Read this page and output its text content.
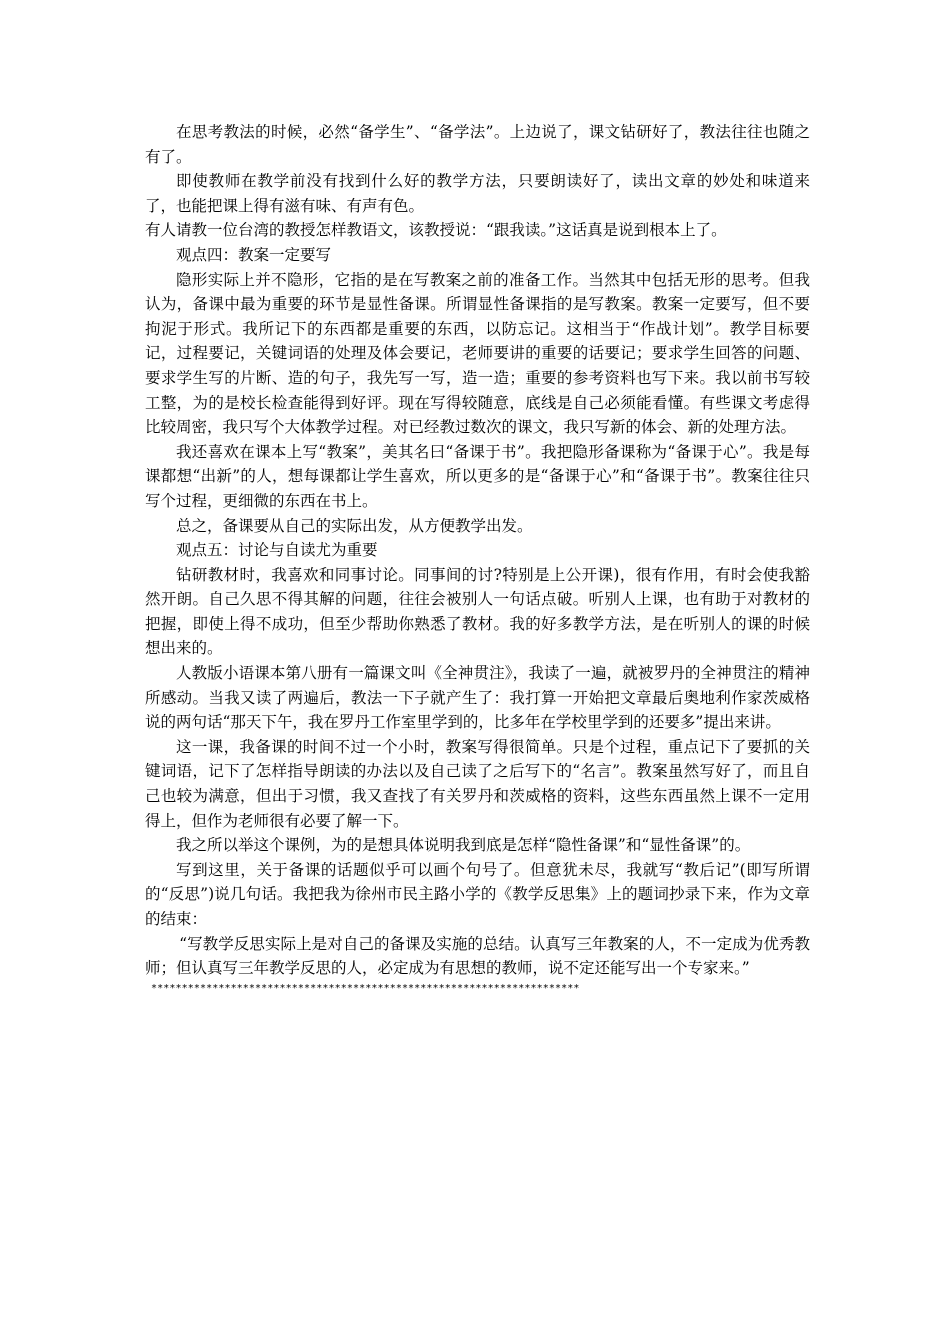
在思考教法的时候，必然“备学生”、“备学法”。上边说了，课文钻研好了，教法往往也随之有了。

即使教师在教学前没有找到什么好的教学方法，只要朗读好了，读出文章的妙处和味道来了，也能把课上得有滋有味、有声有色。

有人请教一位台湾的教授怎样教语文，该教授说：“跟我读。”这话真是说到根本上了。

观点四：教案一定要写

隐形实际上并不隐形，它指的是在写教案之前的准备工作。当然其中包括无形的思考。但我认为，备课中最为重要的环节是显性备课。所谓显性备课指的是写教案。教案一定要写，但不要拘泥于形式。我所记下的东西都是重要的东西，以防忘记。这相当于“作战计划”。教学目标要记，过程要记，关键词语的处理及体会要记，老师要讲的重要的话要记；要求学生回答的问题、要求学生写的片断、造的句子，我先写一写，造一造；重要的参考资料也写下来。我以前书写较工整，为的是校长检查能得到好评。现在写得较随意，底线是自己必须能看懂。有些课文考虑得比较周密，我只写个大体教学过程。对已经教过数次的课文，我只写新的体会、新的处理方法。

我还喜欢在课本上写“教案”，美其名曰“备课于书”。我把隐形备课称为“备课于心”。我是每课都想“出新”的人，想每课都让学生喜欢，所以更多的是“备课于心”和“备课于书”。教案往往只写个过程，更细微的东西在书上。

总之，备课要从自己的实际出发，从方便教学出发。

观点五：讨论与自读尤为重要

钻研教材时，我喜欢和同事讨论。同事间的讨?特别是上公开课)，很有作用，有时会使我豁然开朗。自己久思不得其解的问题，往往会被别人一句话点破。听别人上课，也有助于对教材的把握，即使上得不成功，但至少帮助你熟悉了教材。我的好多教学方法，是在听别人的课的时候想出来的。

人教版小语课本第八册有一篇课文叫《全神贯注》，我读了一遍，就被罗丹的全神贯注的精神所感动。当我又读了两遍后，教法一下子就产生了：我打算一开始把文章最后奥地利作家茨威格说的两句话“那天下午，我在罗丹工作室里学到的，比多年在学校里学到的还要多”提出来讲。

这一课，我备课的时间不过一个小时，教案写得很简单。只是个过程，重点记下了要抓的关键词语，记下了怎样指导朗读的办法以及自己读了之后写下的“名言”。教案虽然写好了，而且自己也较为满意，但出于习惯，我又查找了有关罗丹和茨威格的资料，这些东西虽然上课不一定用得上，但作为老师很有必要了解一下。

我之所以举这个课例，为的是想具体说明我到底是怎样“隐性备课”和“显性备课”的。

写到这里，关于备课的话题似乎可以画个句号了。但意犹未尽，我就写“教后记”(即写所谓的“反思”)说几句话。我把我为徐州市民主路小学的《教学反思集》上的题词抄录下来，作为文章的结束：

“写教学反思实际上是对自己的备课及实施的总结。认真写三年教案的人，不一定成为优秀教师；但认真写三年教学反思的人，必定成为有思想的教师，说不定还能写出一个专家来。”

**********************************************************************
